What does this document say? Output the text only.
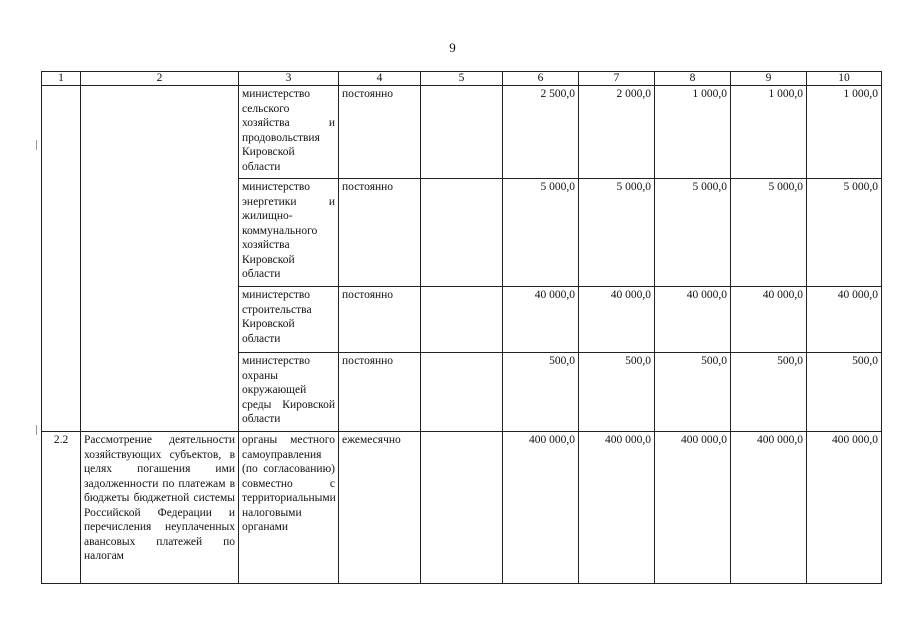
9
1	2	3	4	5	6	7	8	9	10
		министерство сельского хозяйства и продовольствия Кировской области	постоянно		2 500,0	2 000,0	1 000,0	1 000,0	1 000,0
		министерство энергетики и жилищно-коммунального хозяйства Кировской области	постоянно		5 000,0	5 000,0	5 000,0	5 000,0	5 000,0
		министерство строительства Кировской области	постоянно		40 000,0	40 000,0	40 000,0	40 000,0	40 000,0
		министерство охраны окружающей среды Кировской области	постоянно		500,0	500,0	500,0	500,0	500,0
2.2	Рассмотрение деятельности хозяйствующих субъектов, в целях погашения ими задолженности по платежам в бюджеты бюджетной системы Российской Федерации и перечисления неуплаченных авансовых платежей по налогам	органы местного самоуправления (по согласованию) совместно с территориальными налоговыми органами	ежемесячно		400 000,0	400 000,0	400 000,0	400 000,0	400 000,0
